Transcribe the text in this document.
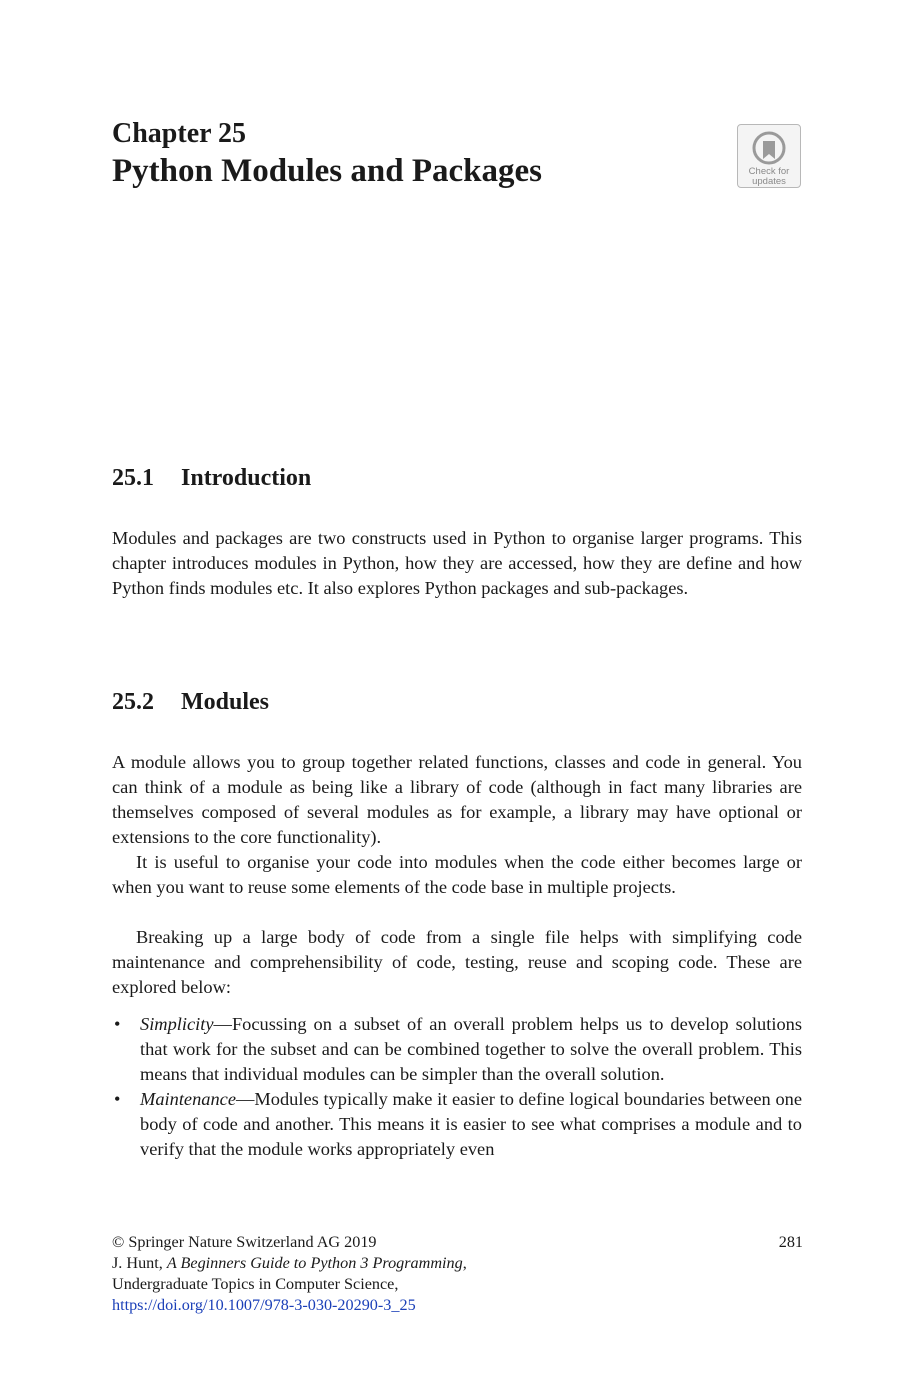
Chapter 25
Python Modules and Packages	Check for
updates
25.1 Introduction
Modules and packages are two constructs used in Python to organise larger programs. This chapter introduces modules in Python, how they are accessed, how they are define and how Python finds modules etc. It also explores Python packages and sub-packages.
25.2 Modules
A module allows you to group together related functions, classes and code in general. You can think of a module as being like a library of code (although in fact many libraries are themselves composed of several modules as for example, a library may have optional or extensions to the core functionality).
It is useful to organise your code into modules when the code either becomes large or when you want to reuse some elements of the code base in multiple projects.
Breaking up a large body of code from a single file helps with simplifying code maintenance and comprehensibility of code, testing, reuse and scoping code. These are explored below:
• Simplicity—Focussing on a subset of an overall problem helps us to develop solutions that work for the subset and can be combined together to solve the overall problem. This means that individual modules can be simpler than the overall solution.
• Maintenance—Modules typically make it easier to define logical boundaries between one body of code and another. This means it is easier to see what comprises a module and to verify that the module works appropriately even
© Springer Nature Switzerland AG 2019
J. Hunt, A Beginners Guide to Python 3 Programming,
Undergraduate Topics in Computer Science,
https://doi.org/10.1007/978-3-030-20290-3_25
281
